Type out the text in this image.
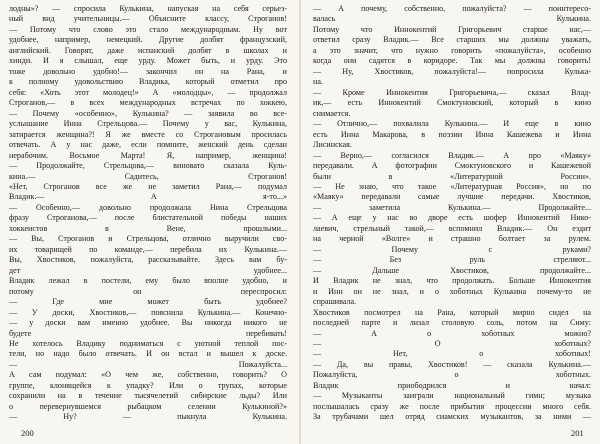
лодны»? — спросила Кулькина, напуская на себя серьез-
ный вид учительницы.— Объясните классу, Строганов!
— Потому что слово это стало международным. Ну вот
удобнее, например, немецкий. Другие долбят французский,
английский. Говорят, даже испанский долбят в школах и
хинди. И я слышал, еще урду. Может быть, и урду. Это
тоже довольно удобно!— закончил он на Рана, и
к полному удовольствию Владика, который отметил про
себя: «Хоть этот молодец!» А «молодцы», — продолжал
Строганов,— в всех международных встречах по хоккею,
— Почему «особенно», Кулькина? — заявила во все-
услышание Инна Стрельцова.— Почему у вас, Кулькина,
затирается женщина?! Я же вместе со Строгановым просилась
отвечать. А у нас даже, если помните, женский день сделан
нерабочим. Восьмое Марта! Я, например, женщина!
— Продолжайте, Стрельцова,— виновато сказала Куль-
кина.— Садитесь, Строганов!
«Нет, Строганов все же не заметил Рана,— подумал
Владик.— А я-то...»
— Особенно,— довольно продолжала Нина Стрельцова
фразу Строганова,— после блистательной победы наших
хоккеистов в Вене, прошлыми...
— Вы, Строганов и Стрельцова, отлично выручили сво-
их товарищей по команде,— перебила их Кулькина.—
Вы, Хвостиков, пожалуйста, рассказывайте. Здесь вам бу-
дет удобнее...
Владик лежал в постели, ему было вполне удобно, и
потому он переспросил:
— Где мне может быть удобнее?
— У доски, Хвостиков,— пояснила Кулькина.— Конечно-
— у доски вам именно удобнее. Вы никогда никого не
будете перебивать!
Не хотелось Владику подниматься с уютной теплой пос-
тели, но надо было отвечать. И он встал и вышел к доске.
— Пожалуйста...
А сам подумал: «О чем же, собственно, говорить? О
группе, клонящейся к упадку? Или о трупах, которые
сохранили на в течение тысячелетий сибирские льды? Или
о перевернувшемся рыбацком селении Кулькиной?»
— Ну? — пыкнула Кулькина.
— А почему, собственно, пожалуйста? — поинтересо-
валась Кулькина.
Потому что Иннокентий Григорьевич старше нас,—
ответил сразу Владик.— Все старших мы должны уважать,
а это значит, что нужно говорить «пожалуйста», особенно
когда они садятся в коридоре. Так мы должны говорить!
— Ну, Хвостиков, пожалуйста!— попросила Кулька-
на.
— Кроме Иннокентия Григорьевича,— сказал Влад-
ик,— есть Иннокентий Смоктуновский, который в кино
снимается.
— Отлично,— похвалила Кулькина.— И еще в кино
есть Инна Макарова, в поэзии Инна Кашежева и Инна
Лисинская.
— Верно,— согласился Владик.— А про «Маяку»
передавали. А фотографии Смоктуновского и Кашежевой
были в «Литературной России».
— Не знаю, что такое «Литературная Россия», но по
«Маяку» передавали самые лучшие передачи. Хвостиков,
— заметила Кулькина.— Продолжайте...
— А еще у нас во дворе есть шофер Иннокентий Нико-
лаевич, стрельный такой,— вспомнил Владик.— Он ездит
на черной «Волге» и страшно болтает за рулем.
— Почему с руками?
— Без руль стреляют...
— Дальше Хвостиков, продолжайте...
И Владик не знал, что продолжать. Больше Иннокентия
и Инн он не знал, и о хоботных Кулькина почему-то не
спрашивала.
Хвостиков посмотрел на Рана, который мирно сидел на
последней парте и лизал столовую соль, потом на Симу:
— А о хоботных можно?
— О хоботных?
— Нет, о хоботных!
— Да, вы правы, Хвостиков! — сказала Кулькина.—
Пожалуйста, о хоботных.
Владик приободрился и начал:
— Музыканты заиграли национальный гимн; музыка
послышалась сразу же после прибытия процессии много себя.
За трубачами шел отряд сиамских музыкантов, за ними —
200	201
